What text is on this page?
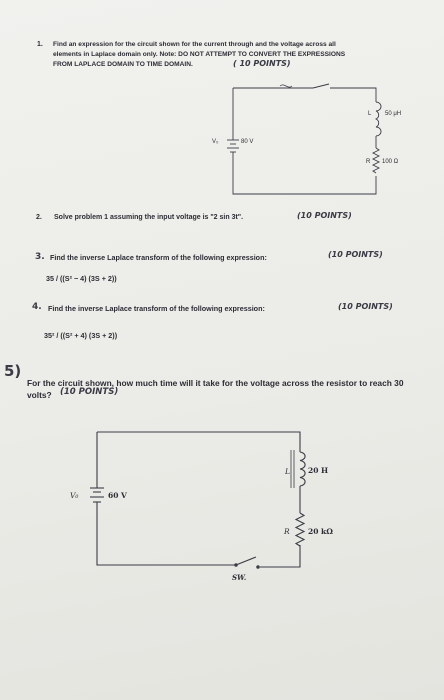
1. Find an expression for the circuit shown for the current through and the voltage across all
elements in Laplace domain only. Note: DO NOT ATTEMPT TO CONVERT THE EXPRESSIONS
FROM LAPLACE DOMAIN TO TIME DOMAIN.	( 10 POINTS)
L 50 μH
V₀	80 V
R 100 Ω
2. Solve problem 1 assuming the input voltage is "2 sin 3t".	(10 POINTS)
3. Find the inverse Laplace transform of the following expression:	(10 POINTS)
35 / ((S² − 4) (3S + 2))
4. Find the inverse Laplace transform of the following expression:	(10 POINTS)
35² / ((S² + 4) (3S + 2))
5)
For the circuit shown, how much time will it take for the voltage across the resistor to reach 30
volts? (10 POINTS)
L 20 H
V₀	60 V
R 20 kΩ
SW.
